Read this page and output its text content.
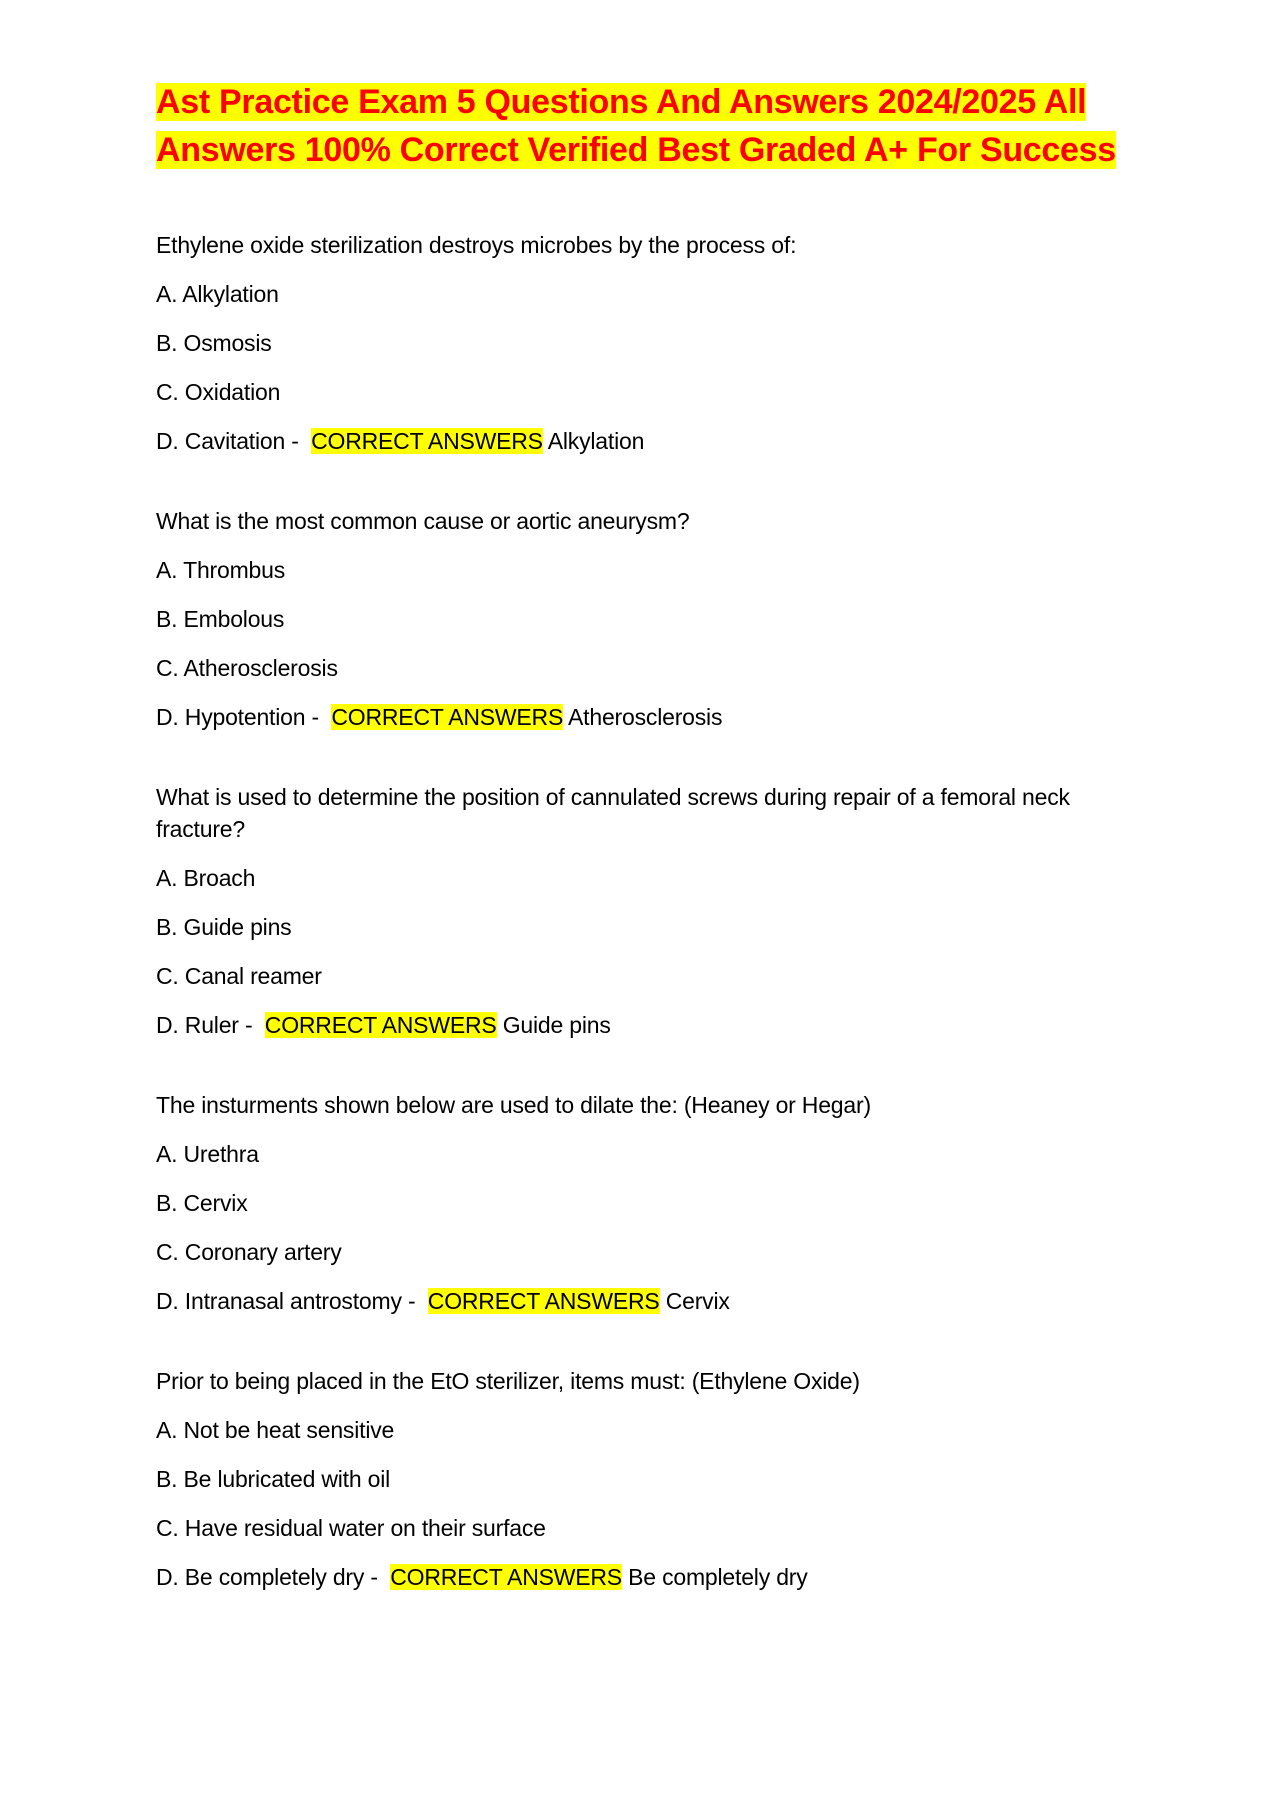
Ast Practice Exam 5 Questions And Answers 2024/2025 All Answers 100% Correct Verified Best Graded A+ For Success
Ethylene oxide sterilization destroys microbes by the process of:
A. Alkylation
B. Osmosis
C. Oxidation
D. Cavitation - CORRECT ANSWERS Alkylation
What is the most common cause or aortic aneurysm?
A. Thrombus
B. Embolous
C. Atherosclerosis
D. Hypotention - CORRECT ANSWERS Atherosclerosis
What is used to determine the position of cannulated screws during repair of a femoral neck fracture?
A. Broach
B. Guide pins
C. Canal reamer
D. Ruler - CORRECT ANSWERS Guide pins
The insturments shown below are used to dilate the: (Heaney or Hegar)
A. Urethra
B. Cervix
C. Coronary artery
D. Intranasal antrostomy - CORRECT ANSWERS Cervix
Prior to being placed in the EtO sterilizer, items must: (Ethylene Oxide)
A. Not be heat sensitive
B. Be lubricated with oil
C. Have residual water on their surface
D. Be completely dry - CORRECT ANSWERS Be completely dry
